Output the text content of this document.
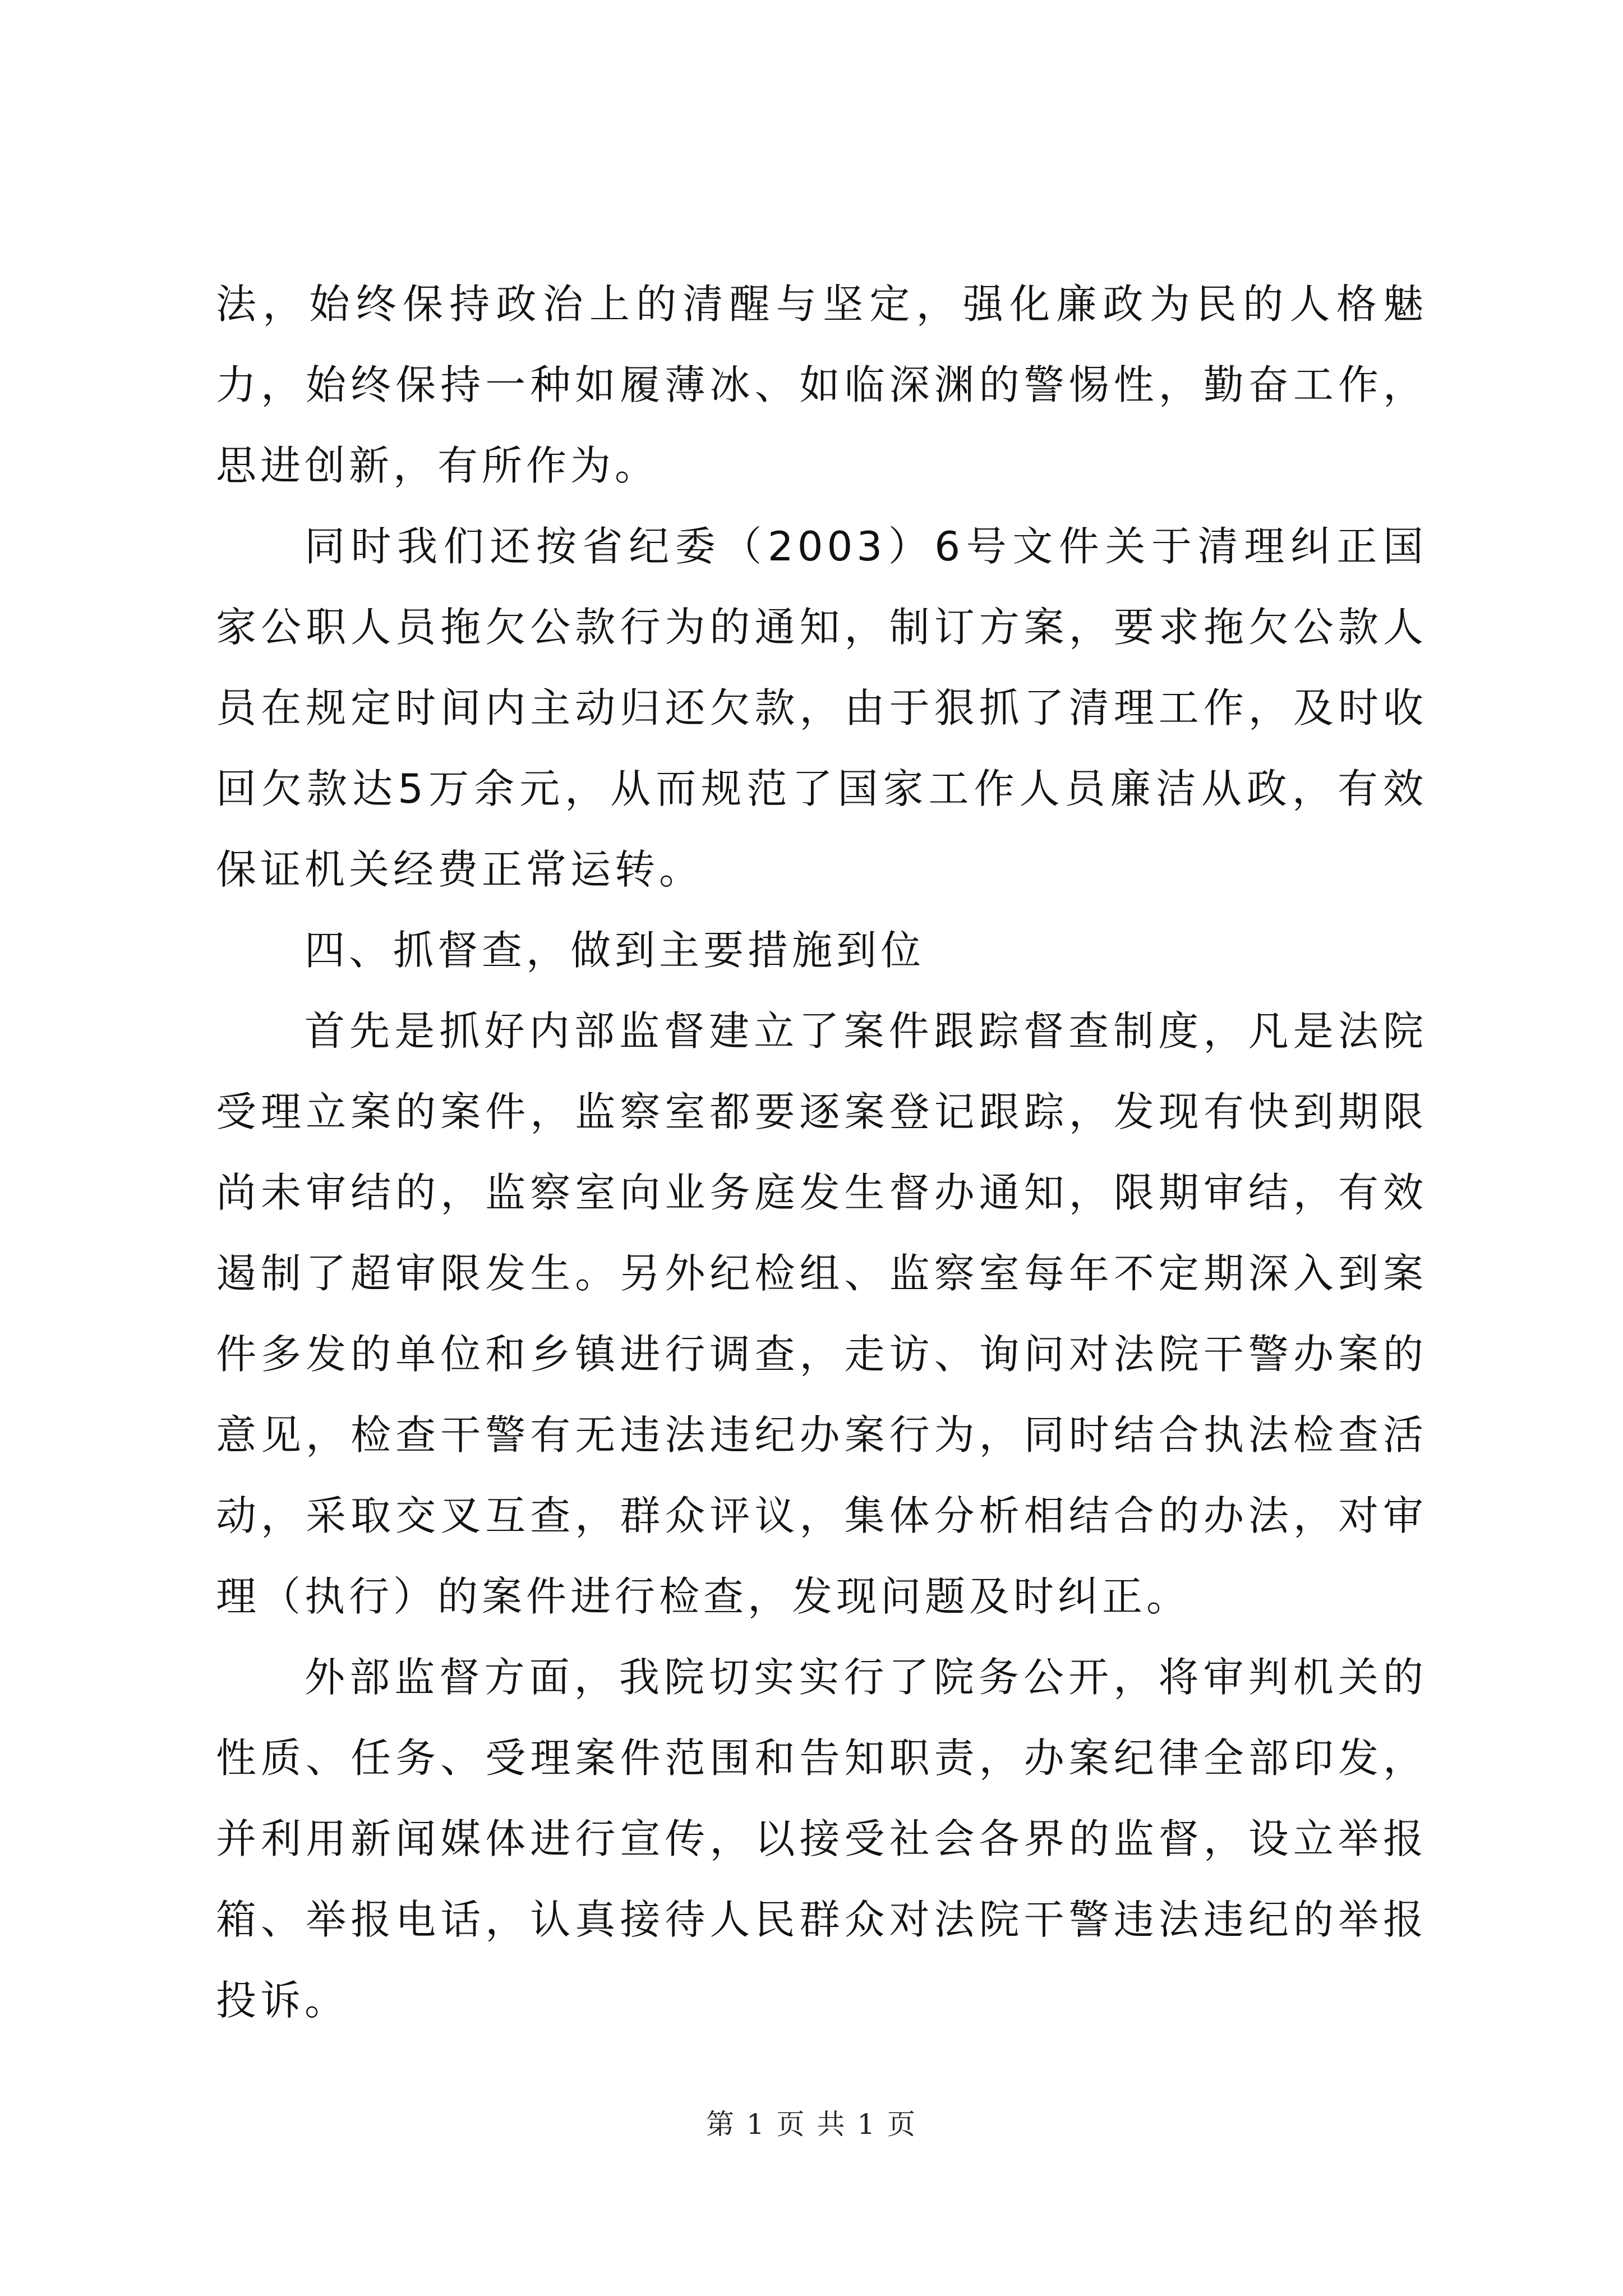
法，始终保持政治上的清醒与坚定，强化廉政为民的人格魅力，始终保持一种如履薄冰、如临深渊的警惕性，勤奋工作，思进创新，有所作为。

同时我们还按省纪委（2003）6号文件关于清理纠正国家公职人员拖欠公款行为的通知，制订方案，要求拖欠公款人员在规定时间内主动归还欠款，由于狠抓了清理工作，及时收回欠款达5万余元，从而规范了国家工作人员廉洁从政，有效保证机关经费正常运转。

四、抓督查，做到主要措施到位

首先是抓好内部监督建立了案件跟踪督查制度，凡是法院受理立案的案件，监察室都要逐案登记跟踪，发现有快到期限尚未审结的，监察室向业务庭发生督办通知，限期审结，有效遏制了超审限发生。另外纪检组、监察室每年不定期深入到案件多发的单位和乡镇进行调查，走访、询问对法院干警办案的意见，检查干警有无违法违纪办案行为，同时结合执法检查活动，采取交叉互查，群众评议，集体分析相结合的办法，对审理（执行）的案件进行检查，发现问题及时纠正。

外部监督方面，我院切实实行了院务公开，将审判机关的性质、任务、受理案件范围和告知职责，办案纪律全部印发，并利用新闻媒体进行宣传，以接受社会各界的监督，设立举报箱、举报电话，认真接待人民群众对法院干警违法违纪的举报投诉。

第 1 页 共 1 页
